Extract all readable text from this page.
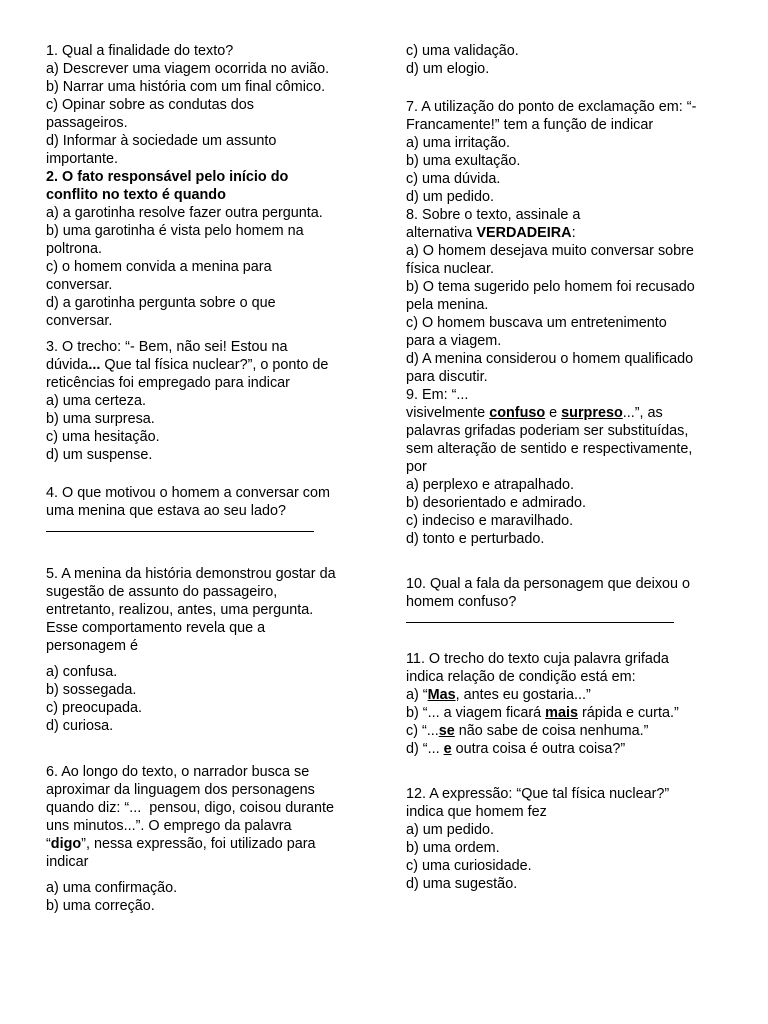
1. Qual a finalidade do texto?
a) Descrever uma viagem ocorrida no avião.
b) Narrar uma história com um final cômico.
c) Opinar sobre as condutas dos
passageiros.
d) Informar à sociedade um assunto
importante.
2. O fato responsável pelo início do
conflito no texto é quando
a) a garotinha resolve fazer outra pergunta.
b) uma garotinha é vista pelo homem na
poltrona.
c) o homem convida a menina para
conversar.
d) a garotinha pergunta sobre o que
conversar.
3. O trecho: “- Bem, não sei! Estou na
dúvida... Que tal física nuclear?”, o ponto de
reticências foi empregado para indicar
a) uma certeza.
b) uma surpresa.
c) uma hesitação.
d) um suspense.
4. O que motivou o homem a conversar com
uma menina que estava ao seu lado?
5. A menina da história demonstrou gostar da
sugestão de assunto do passageiro,
entretanto, realizou, antes, uma pergunta.
Esse comportamento revela que a
personagem é
a) confusa.
b) sossegada.
c) preocupada.
d) curiosa.
6. Ao longo do texto, o narrador busca se
aproximar da linguagem dos personagens
quando diz: “...  pensou, digo, coisou durante
uns minutos...”. O emprego da palavra
“digo”, nessa expressão, foi utilizado para
indicar
a) uma confirmação.
b) uma correção.
c) uma validação.
d) um elogio.
7. A utilização do ponto de exclamação em: “-
Francamente!” tem a função de indicar
a) uma irritação.
b) uma exultação.
c) uma dúvida.
d) um pedido.
8. Sobre o texto, assinale a
alternativa VERDADEIRA:
a) O homem desejava muito conversar sobre
física nuclear.
b) O tema sugerido pelo homem foi recusado
pela menina.
c) O homem buscava um entretenimento
para a viagem.
d) A menina considerou o homem qualificado
para discutir.
9. Em: “...
visivelmente confuso e surpreso...”, as
palavras grifadas poderiam ser substituídas,
sem alteração de sentido e respectivamente,
por
a) perplexo e atrapalhado.
b) desorientado e admirado.
c) indeciso e maravilhado.
d) tonto e perturbado.
10. Qual a fala da personagem que deixou o
homem confuso?
11. O trecho do texto cuja palavra grifada
indica relação de condição está em:
a) “Mas, antes eu gostaria...”
b) “... a viagem ficará mais rápida e curta.”
c) “...se não sabe de coisa nenhuma.”
d) “... e outra coisa é outra coisa?”
12. A expressão: “Que tal física nuclear?”
indica que homem fez
a) um pedido.
b) uma ordem.
c) uma curiosidade.
d) uma sugestão.
